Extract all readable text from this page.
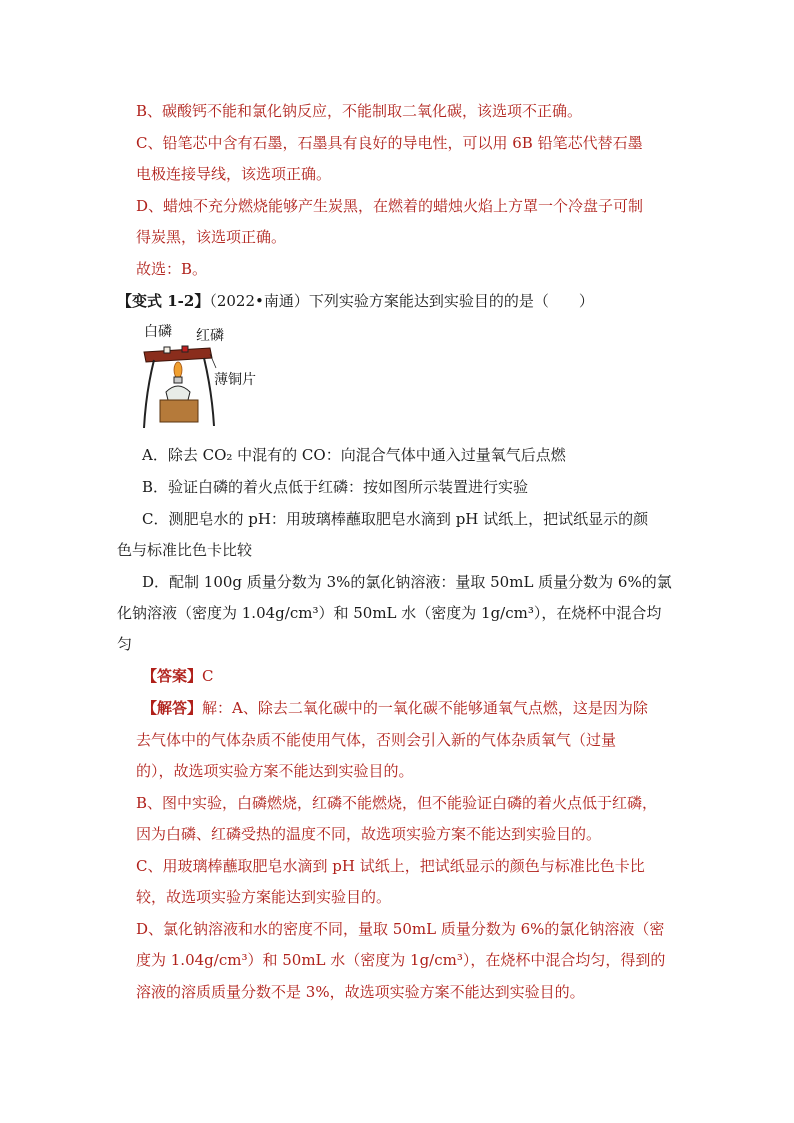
B、碳酸钙不能和氯化钠反应，不能制取二氧化碳，该选项不正确。
C、铅笔芯中含有石墨，石墨具有良好的导电性，可以用 6B 铅笔芯代替石墨
电极连接导线，该选项正确。
D、蜡烛不充分燃烧能够产生炭黑，在燃着的蜡烛火焰上方罩一个冷盘子可制
得炭黑，该选项正确。
故选：B。
【变式 1-2】（2022•南通）下列实验方案能达到实验目的的是（　　）
白磷 红磷
薄铜片
A．除去 CO₂ 中混有的 CO：向混合气体中通入过量氧气后点燃
B．验证白磷的着火点低于红磷：按如图所示装置进行实验
C．测肥皂水的 pH：用玻璃棒蘸取肥皂水滴到 pH 试纸上，把试纸显示的颜
色与标准比色卡比较
D．配制 100g 质量分数为 3%的氯化钠溶液：量取 50mL 质量分数为 6%的氯
化钠溶液（密度为 1.04g/cm³）和 50mL 水（密度为 1g/cm³），在烧杯中混合均
匀
【答案】C
【解答】解：A、除去二氧化碳中的一氧化碳不能够通氧气点燃，这是因为除
去气体中的气体杂质不能使用气体，否则会引入新的气体杂质氧气（过量
的），故选项实验方案不能达到实验目的。
B、图中实验，白磷燃烧，红磷不能燃烧，但不能验证白磷的着火点低于红磷，
因为白磷、红磷受热的温度不同，故选项实验方案不能达到实验目的。
C、用玻璃棒蘸取肥皂水滴到 pH 试纸上，把试纸显示的颜色与标准比色卡比
较，故选项实验方案能达到实验目的。
D、氯化钠溶液和水的密度不同，量取 50mL 质量分数为 6%的氯化钠溶液（密
度为 1.04g/cm³）和 50mL 水（密度为 1g/cm³），在烧杯中混合均匀，得到的
溶液的溶质质量分数不是 3%，故选项实验方案不能达到实验目的。
